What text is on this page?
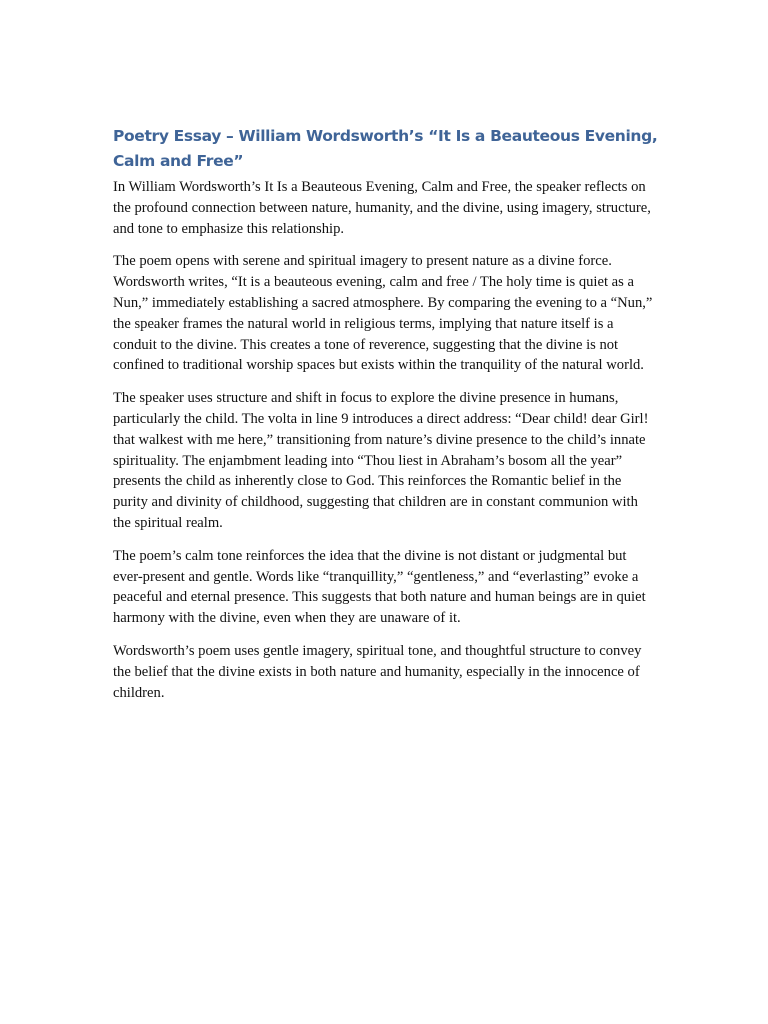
Poetry Essay – William Wordsworth’s “It Is a Beauteous Evening, Calm and Free”

In William Wordsworth’s It Is a Beauteous Evening, Calm and Free, the speaker reflects on the profound connection between nature, humanity, and the divine, using imagery, structure, and tone to emphasize this relationship.

The poem opens with serene and spiritual imagery to present nature as a divine force. Wordsworth writes, “It is a beauteous evening, calm and free / The holy time is quiet as a Nun,” immediately establishing a sacred atmosphere. By comparing the evening to a “Nun,” the speaker frames the natural world in religious terms, implying that nature itself is a conduit to the divine. This creates a tone of reverence, suggesting that the divine is not confined to traditional worship spaces but exists within the tranquility of the natural world.

The speaker uses structure and shift in focus to explore the divine presence in humans, particularly the child. The volta in line 9 introduces a direct address: “Dear child! dear Girl! that walkest with me here,” transitioning from nature’s divine presence to the child’s innate spirituality. The enjambment leading into “Thou liest in Abraham’s bosom all the year” presents the child as inherently close to God. This reinforces the Romantic belief in the purity and divinity of childhood, suggesting that children are in constant communion with the spiritual realm.

The poem’s calm tone reinforces the idea that the divine is not distant or judgmental but ever-present and gentle. Words like “tranquillity,” “gentleness,” and “everlasting” evoke a peaceful and eternal presence. This suggests that both nature and human beings are in quiet harmony with the divine, even when they are unaware of it.

Wordsworth’s poem uses gentle imagery, spiritual tone, and thoughtful structure to convey the belief that the divine exists in both nature and humanity, especially in the innocence of children.
